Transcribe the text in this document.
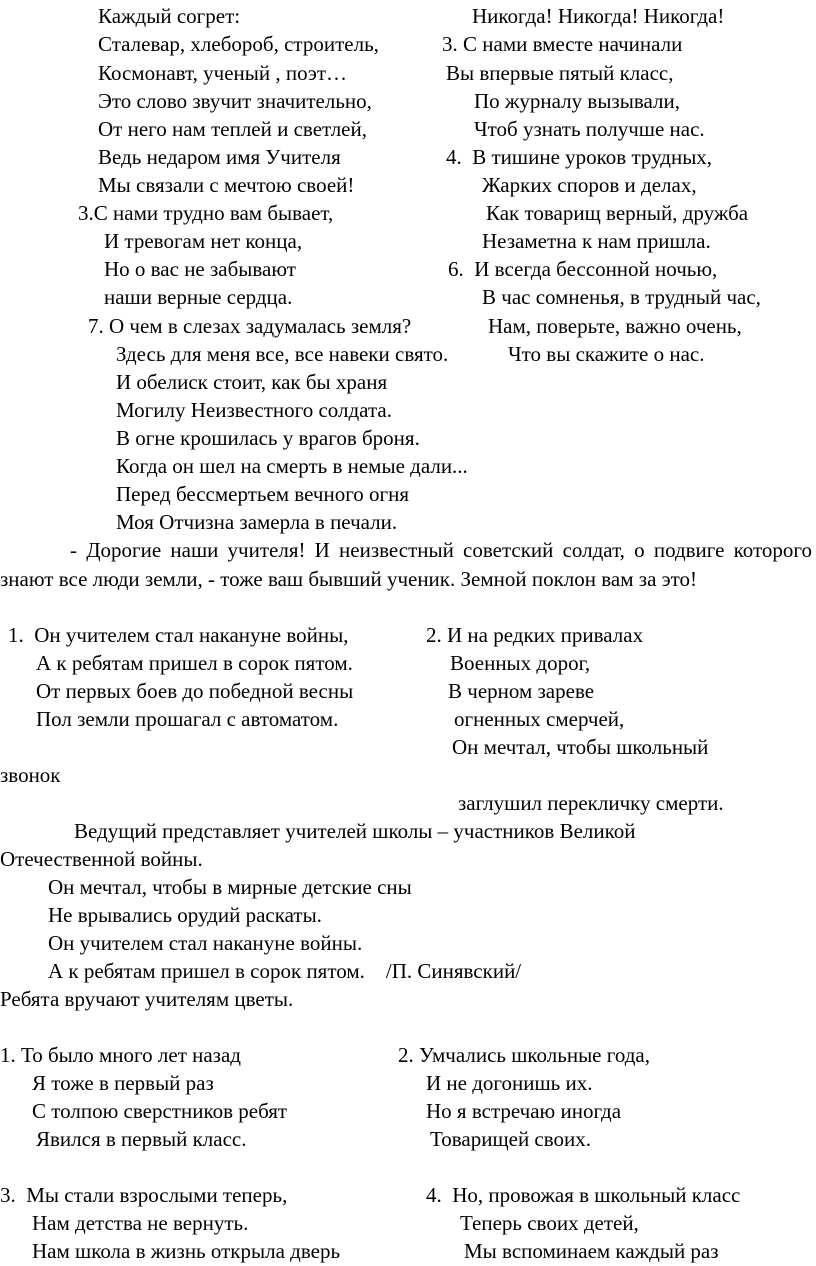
Каждый согрет:	Никогда! Никогда! Никогда!
Сталевар, хлебороб, строитель,	3. С нами вместе начинали
Космонавт, ученый , поэт…	Вы впервые пятый класс,
Это слово звучит значительно,	По журналу вызывали,
От него нам теплей и светлей,	Чтоб узнать получше нас.
Ведь недаром имя Учителя	4.  В тишине уроков трудных,
Мы связали с мечтою своей!	Жарких споров и делах,
3.С нами трудно вам бывает,	Как товарищ верный, дружба
И тревогам нет конца,	Незаметна к нам пришла.
Но о вас не забывают	6.  И всегда бессонной ночью,
наши верные сердца.	В час сомненья, в трудный час,
7. О чем в слезах задумалась земля?	Нам, поверьте, важно очень,
Здесь для меня все, все навеки свято.	Что вы скажите о нас.
И обелиск стоит, как бы храня
Могилу Неизвестного солдата.
В огне крошилась у врагов броня.
Когда он шел на смерть в немые дали...
Перед бессмертьем вечного огня
Моя Отчизна замерла в печали.
- Дорогие наши учителя! И неизвестный советский солдат, о подвиге которого знают все люди земли, - тоже ваш бывший ученик. Земной поклон вам за это!
1.  Он учителем стал накануне войны,	2. И на редких привалах
А к ребятам пришел в сорок пятом.	Военных дорог,
От первых боев до победной весны	В черном зареве
Пол земли прошагал с автоматом.	огненных смерчей,
Он мечтал, чтобы школьный
звонок
заглушил перекличку смерти.
Ведущий представляет учителей школы – участников Великой
Отечественной войны.
Он мечтал, чтобы в мирные детские сны
Не врывались орудий раскаты.
Он учителем стал накануне войны.
А к ребятам пришел в сорок пятом.    /П. Синявский/
Ребята вручают учителям цветы.
1. То было много лет назад	2. Умчались школьные года,
Я тоже в первый раз	И не догонишь их.
С толпою сверстников ребят	Но я встречаю иногда
Явился в первый класс.	Товарищей своих.
3.  Мы стали взрослыми теперь,	4.  Но, провожая в школьный класс
Нам детства не вернуть.	Теперь своих детей,
Нам школа в жизнь открыла дверь	Мы вспоминаем каждый раз
